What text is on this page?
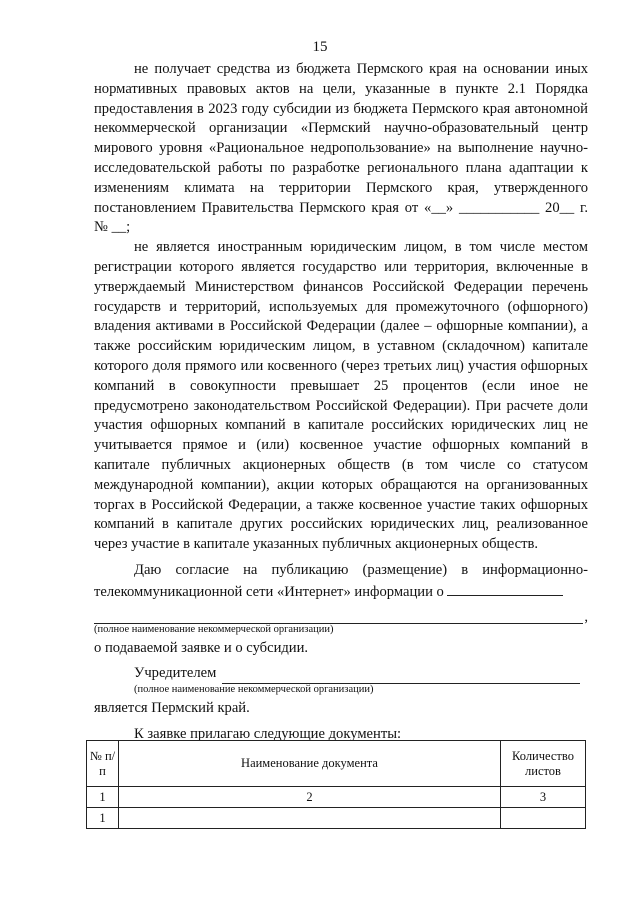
15

не получает средства из бюджета Пермского края на основании иных нормативных правовых актов на цели, указанные в пункте 2.1 Порядка предоставления в 2023 году субсидии из бюджета Пермского края автономной некоммерческой организации «Пермский научно-образовательный центр мирового уровня «Рациональное недропользование» на выполнение научно-исследовательской работы по разработке регионального плана адаптации к изменениям климата на территории Пермского края, утвержденного постановлением Правительства Пермского края от «__» ___________ 20__ г. № __;

не является иностранным юридическим лицом, в том числе местом регистрации которого является государство или территория, включенные в утверждаемый Министерством финансов Российской Федерации перечень государств и территорий, используемых для промежуточного (офшорного) владения активами в Российской Федерации (далее – офшорные компании), а также российским юридическим лицом, в уставном (складочном) капитале которого доля прямого или косвенного (через третьих лиц) участия офшорных компаний в совокупности превышает 25 процентов (если иное не предусмотрено законодательством Российской Федерации). При расчете доли участия офшорных компаний в капитале российских юридических лиц не учитывается прямое и (или) косвенное участие офшорных компаний в капитале публичных акционерных обществ (в том числе со статусом международной компании), акции которых обращаются на организованных торгах в Российской Федерации, а также косвенное участие таких офшорных компаний в капитале других российских юридических лиц, реализованное через участие в капитале указанных публичных акционерных обществ.

Даю согласие на публикацию (размещение) в информационно-телекоммуникационной сети «Интернет» информации о

,

(полное наименование некоммерческой организации)

о подаваемой заявке и о субсидии.

Учредителем

(полное наименование некоммерческой организации)

является Пермский край.

К заявке прилагаю следующие документы:

№ п/п	Наименование документа	Количество листов
1	2	3
1		
